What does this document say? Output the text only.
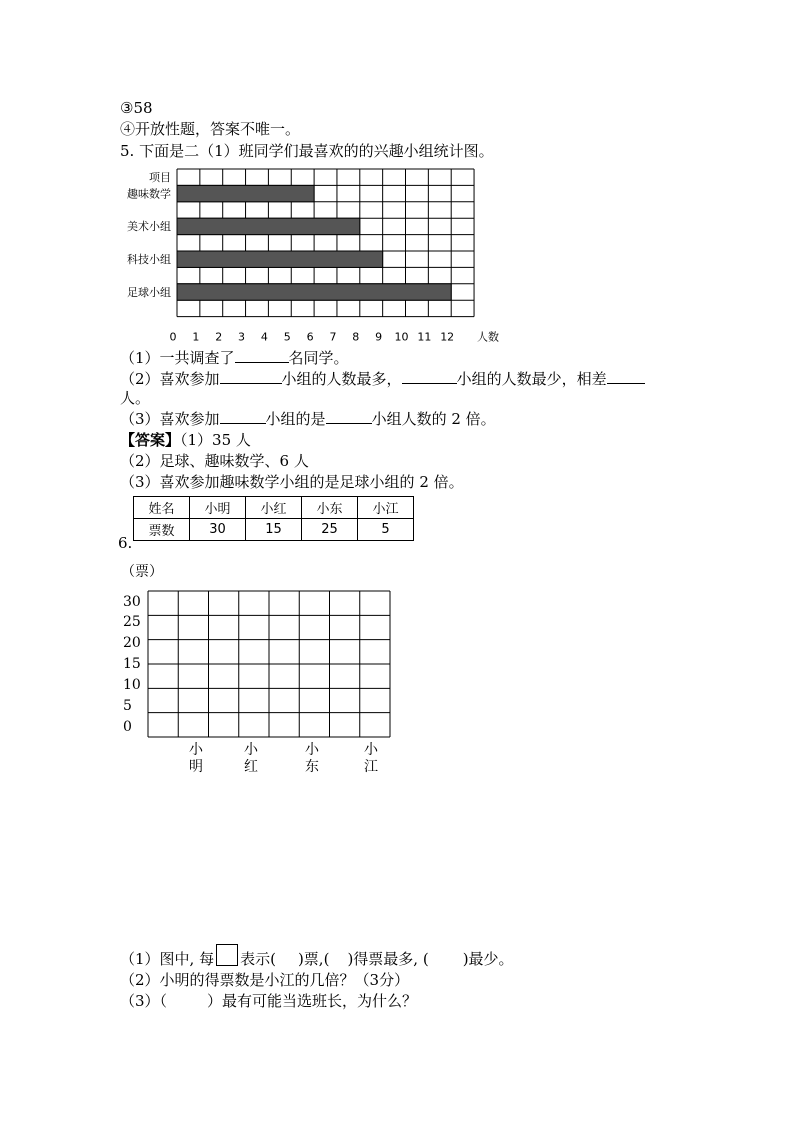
③58
④开放性题，答案不唯一。
5. 下面是二（1）班同学们最喜欢的的兴趣小组统计图。
项目
趣味数学
美术小组
科技小组
足球小组
0 1 2 3 4 5 6 7 8 9 10 11 12 人数
（1）一共调查了	名同学。
（2）喜欢参加	小组的人数最多，	小组的人数最少，相差
人。
（3）喜欢参加	小组的是	小组人数的 2 倍。
【答案】（1）35 人
（2）足球、趣味数学、6 人
（3）喜欢参加趣味数学小组的是足球小组的 2 倍。
姓名	小明	小红	小东	小江
票数	30	15	25	5
6.
（票）
30
25
20
15
10
5
0
小
明
小
红
小
东
小
江
（1）图中, 每 表示( )票,( )得票最多, ( )最少。
（2）小明的得票数是小江的几倍？（3分）
（3）（	）最有可能当选班长，为什么？
